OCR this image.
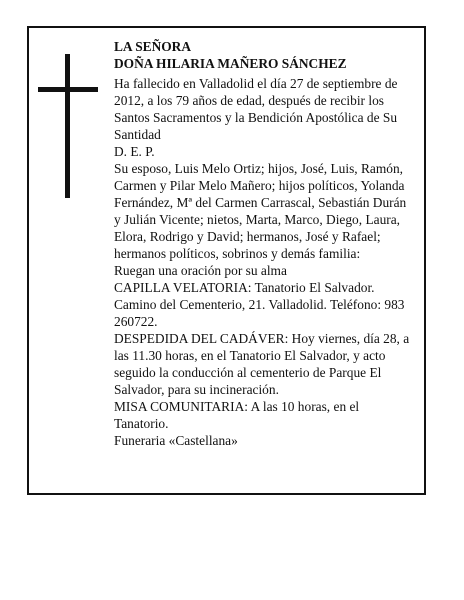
LA SEÑORA

DOÑA HILARIA MAÑERO SÁNCHEZ

Ha fallecido en Valladolid el día 27 de septiembre de 2012, a los 79 años de edad, después de recibir los Santos Sacramentos y la Bendición Apostólica de Su Santidad

D. E. P.

Su esposo, Luis Melo Ortiz; hijos, José, Luis, Ramón, Carmen y Pilar Melo Mañero; hijos políticos, Yolanda Fernández, Mª del Carmen Carrascal, Sebastián Durán y Julián Vicente; nietos, Marta, Marco, Diego, Laura, Elora, Rodrigo y David; hermanos, José y Rafael; hermanos políticos, sobrinos y demás familia:

Ruegan una oración por su alma

CAPILLA VELATORIA: Tanatorio El Salvador. Camino del Cementerio, 21. Valladolid. Teléfono: 983 260722.

DESPEDIDA DEL CADÁVER: Hoy viernes, día 28, a las 11.30 horas, en el Tanatorio El Salvador, y acto seguido la conducción al cementerio de Parque El Salvador, para su incineración.

MISA COMUNITARIA: A las 10 horas, en el Tanatorio.

Funeraria «Castellana»
